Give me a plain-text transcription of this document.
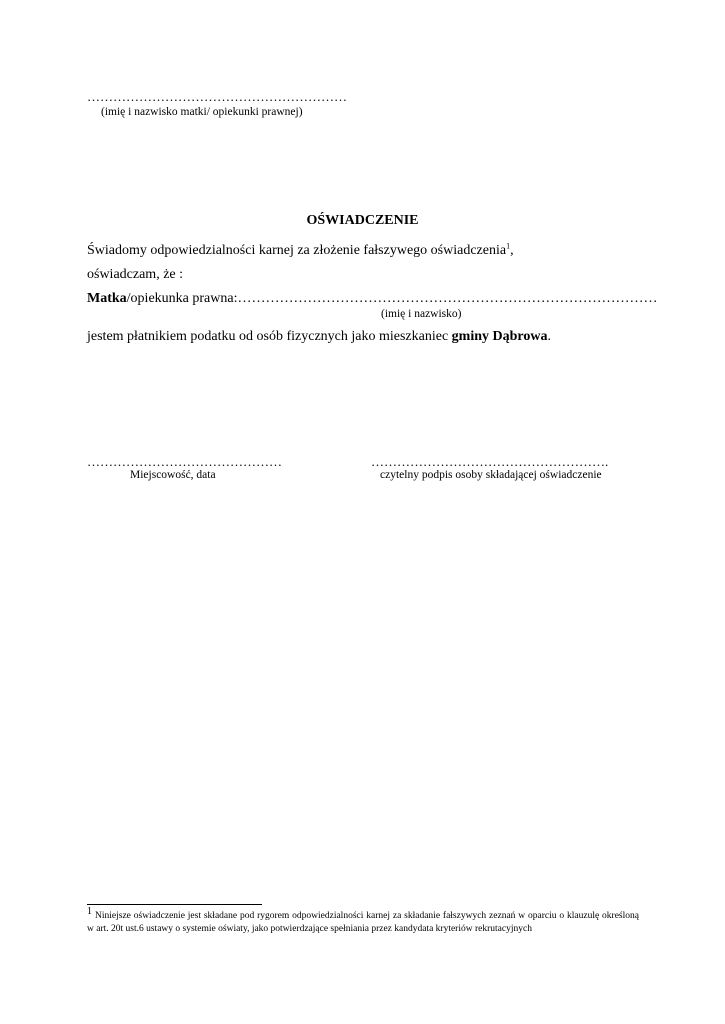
……………………………………………………
(imię i nazwisko matki/ opiekunki prawnej)
OŚWIADCZENIE
Świadomy odpowiedzialności karnej za złożenie fałszywego oświadczenia$^1$,
oświadczam, że :
Matka/opiekunka prawna:………………………………………………………………………………
(imię i nazwisko)
jestem płatnikiem podatku od osób fizycznych jako mieszkaniec gminy Dąbrowa.
………………………………………
Miejscowość, data
……………………………………………….
czytelny podpis osoby składającej oświadczenie
1 Niniejsze oświadczenie jest składane pod rygorem odpowiedzialności karnej za składanie fałszywych zeznań w oparciu o klauzulę określoną w art. 20t ust.6 ustawy o systemie oświaty, jako potwierdzające spełniania przez kandydata kryteriów rekrutacyjnych
